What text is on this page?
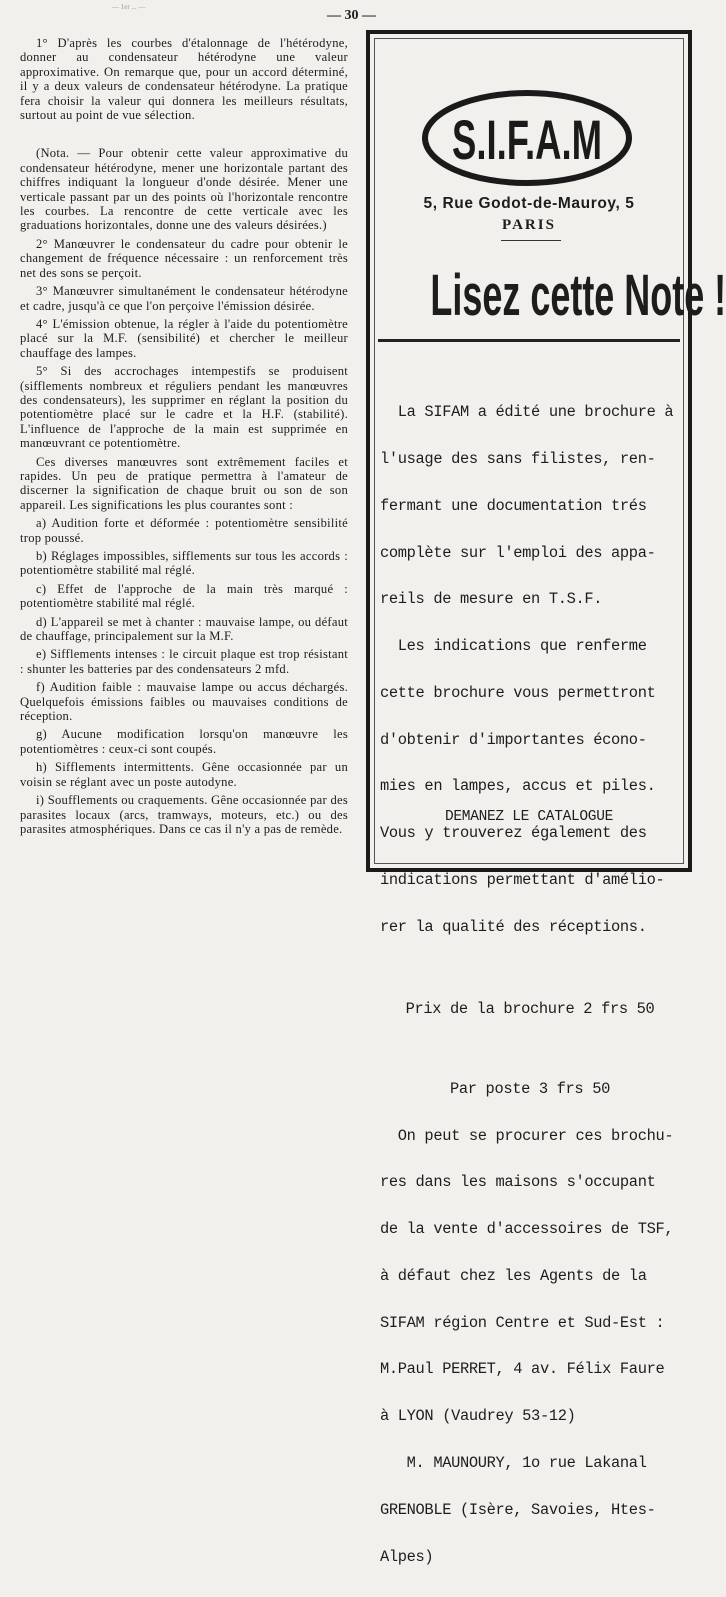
— 1er ... —
— 30 —

1° D'après les courbes d'étalonnage de l'hétérodyne, donner au condensateur hétérodyne une valeur approximative. On remarque que, pour un accord déterminé, il y a deux valeurs de condensateur hétérodyne. La pratique fera choisir la valeur qui donnera les meilleurs résultats, surtout au point de vue sélection.

(Nota. — Pour obtenir cette valeur approximative du condensateur hétérodyne, mener une horizontale partant des chiffres indiquant la longueur d'onde désirée. Mener une verticale passant par un des points où l'horizontale rencontre les courbes. La rencontre de cette verticale avec les graduations horizontales, donne une des valeurs désirées.)

2° Manœuvrer le condensateur du cadre pour obtenir le changement de fréquence nécessaire : un renforcement très net des sons se perçoit.

3° Manœuvrer simultanément le condensateur hétérodyne et cadre, jusqu'à ce que l'on perçoive l'émission désirée.

4° L'émission obtenue, la régler à l'aide du potentiomètre placé sur la M.F. (sensibilité) et chercher le meilleur chauffage des lampes.

5° Si des accrochages intempestifs se produisent (sifflements nombreux et réguliers pendant les manœuvres des condensateurs), les supprimer en réglant la position du potentiomètre placé sur le cadre et la H.F. (stabilité). L'influence de l'approche de la main est supprimée en manœuvrant ce potentiomètre.

Ces diverses manœuvres sont extrêmement faciles et rapides. Un peu de pratique permettra à l'amateur de discerner la signification de chaque bruit ou son de son appareil. Les significations les plus courantes sont :

a) Audition forte et déformée : potentiomètre sensibilité trop poussé.

b) Réglages impossibles, sifflements sur tous les accords : potentiomètre stabilité mal réglé.

c) Effet de l'approche de la main très marqué : potentiomètre stabilité mal réglé.

d) L'appareil se met à chanter : mauvaise lampe, ou défaut de chauffage, principalement sur la M.F.

e) Sifflements intenses : le circuit plaque est trop résistant : shunter les batteries par des condensateurs 2 mfd.

f) Audition faible : mauvaise lampe ou accus déchargés. Quelquefois émissions faibles ou mauvaises conditions de réception.

g) Aucune modification lorsqu'on manœuvre les potentiomètres : ceux-ci sont coupés.

h) Sifflements intermittents. Gêne occasionnée par un voisin se réglant avec un poste autodyne.

i) Soufflements ou craquements. Gêne occasionnée par des parasites locaux (arcs, tramways, moteurs, etc.) ou des parasites atmosphériques. Dans ce cas il n'y a pas de remède.

S.I.F.A.M
5, Rue Godot-de-Mauroy, 5
PARIS
Lisez cette Note !

La SIFAM a édité une brochure à

l'usage des sans filistes, ren-

fermant une documentation trés

complète sur l'emploi des appa-

reils de mesure en T.S.F.

Les indications que renferme

cette brochure vous permettront

d'obtenir d'importantes écono-

mies en lampes, accus et piles.

Vous y trouverez également des

indications permettant d'amélio-

rer la qualité des réceptions.

Prix de la brochure 2 frs 50

Par poste 3 frs 50

On peut se procurer ces brochu-

res dans les maisons s'occupant

de la vente d'accessoires de TSF,

à défaut chez les Agents de la

SIFAM région Centre et Sud-Est :

M.Paul PERRET, 4 av. Félix Faure

à LYON (Vaudrey 53-12)

M. MAUNOURY, 1o rue Lakanal

GRENOBLE (Isère, Savoies, Htes-

Alpes)

DEMANEZ LE CATALOGUE
